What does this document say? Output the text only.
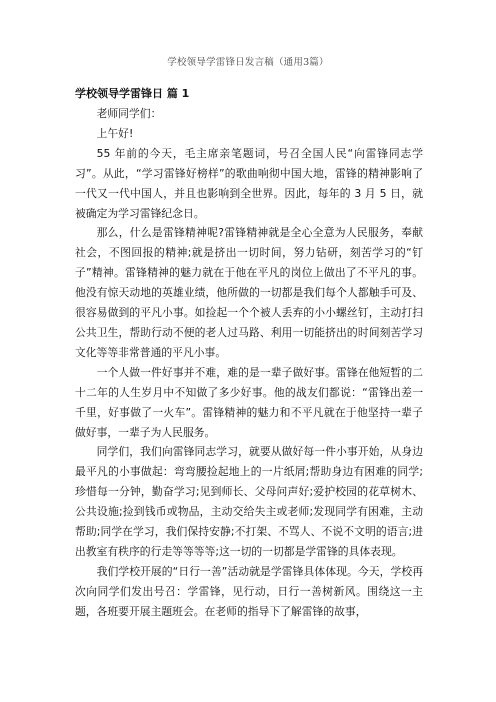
学校领导学雷锋日发言稿（通用3篇）
学校领导学雷锋日 篇 1

老师同学们：

上午好!

55 年前的今天，毛主席亲笔题词，号召全国人民“向雷锋同志学习”。从此，“学习雷锋好榜样”的歌曲响彻中国大地，雷锋的精神影响了一代又一代中国人，并且也影响到全世界。因此，每年的 3 月 5 日，就被确定为学习雷锋纪念日。

那么，什么是雷锋精神呢?雷锋精神就是全心全意为人民服务，奉献社会，不图回报的精神;就是挤出一切时间，努力钻研，刻苦学习的“钉子”精神。雷锋精神的魅力就在于他在平凡的岗位上做出了不平凡的事。他没有惊天动地的英雄业绩，他所做的一切都是我们每个人都触手可及、很容易做到的平凡小事。如捡起一个个被人丢弃的小小螺丝钉，主动打扫公共卫生，帮助行动不便的老人过马路、利用一切能挤出的时间刻苦学习文化等等非常普通的平凡小事。

一个人做一件好事并不难，难的是一辈子做好事。雷锋在他短暂的二十二年的人生岁月中不知做了多少好事。他的战友们都说：“雷锋出差一千里，好事做了一火车”。雷锋精神的魅力和不平凡就在于他坚持一辈子做好事，一辈子为人民服务。

同学们，我们向雷锋同志学习，就要从做好每一件小事开始，从身边最平凡的小事做起：弯弯腰捡起地上的一片纸屑;帮助身边有困难的同学;珍惜每一分钟，勤奋学习;见到师长、父母问声好;爱护校园的花草树木、公共设施;捡到钱币或物品，主动交给失主或老师;发现同学有困难，主动帮助;同学在学习，我们保持安静;不打架、不骂人、不说不文明的语言;进出教室有秩序的行走等等等等;这一切的一切都是学雷锋的具体表现。

我们学校开展的“日行一善”活动就是学雷锋具体体现。今天，学校再次向同学们发出号召：学雷锋，见行动，日行一善树新风。围绕这一主题，各班要开展主题班会。在老师的指导下了解雷锋的故事，
